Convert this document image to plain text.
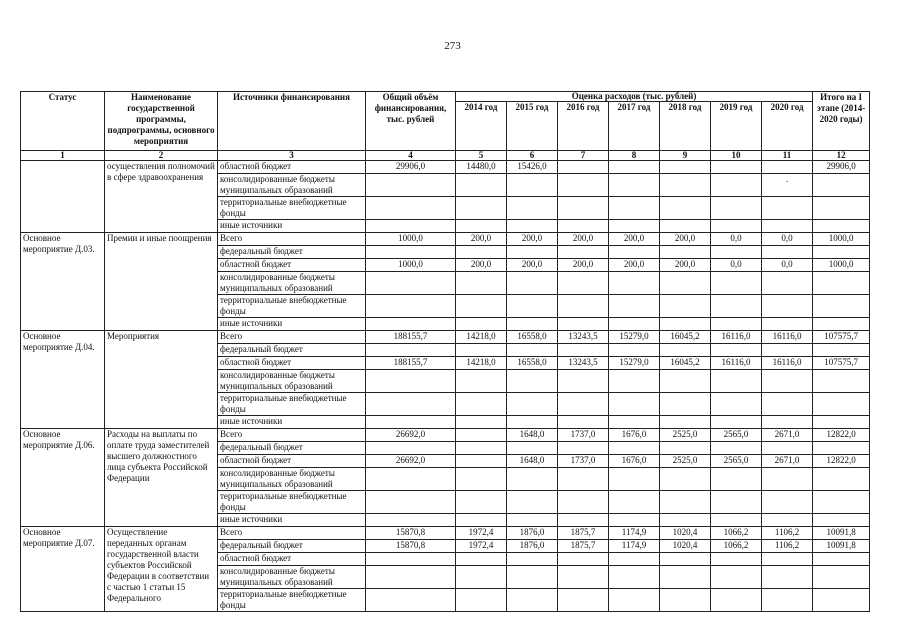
273
Статус	Наименование государственной программы, подпрограммы, основного мероприятия	Источники финансирования	Общий объём финансирования, тыс. рублей	Оценка расходов (тыс. рублей)							Итого на I этапе (2014-2020 годы)
				2014 год	2015 год	2016 год	2017 год	2018 год	2019 год	2020 год	
1	2	3	4	5	6	7	8	9	10	11	12
	осуществления полномочий в сфере здравоохранения	областной бюджет	29906,0	14480,0	15426,0						29906,0
		консолидированные бюджеты муниципальных образований								.	
		территориальные внебюджетные фонды									
		иные источники									
Основное мероприятие Д.03.	Премии и иные поощрения	Всего	1000,0	200,0	200,0	200,0	200,0	200,0	0,0	0,0	1000,0
		федеральный бюджет									
		областной бюджет	1000,0	200,0	200,0	200,0	200,0	200,0	0,0	0,0	1000,0
		консолидированные бюджеты муниципальных образований									
		территориальные внебюджетные фонды									
		иные источники									
Основное мероприятие Д.04.	Мероприятия	Всего	188155,7	14218,0	16558,0	13243,5	15279,0	16045,2	16116,0	16116,0	107575,7
		федеральный бюджет									
		областной бюджет	188155,7	14218,0	16558,0	13243,5	15279,0	16045,2	16116,0	16116,0	107575,7
		консолидированные бюджеты муниципальных образований									
		территориальные внебюджетные фонды									
		иные источники									
Основное мероприятие Д.06.	Расходы на выплаты по оплате труда заместителей высшего должностного лица субъекта Российской Федерации	Всего	26692,0		1648,0	1737,0	1676,0	2525,0	2565,0	2671,0	12822,0
		федеральный бюджет									
		областной бюджет	26692,0		1648,0	1737,0	1676,0	2525,0	2565,0	2671,0	12822,0
		консолидированные бюджеты муниципальных образований									
		территориальные внебюджетные фонды									
		иные источники									
Основное мероприятие Д.07.	Осуществление переданных органам государственной власти субъектов Российской Федерации в соответствии с частью 1 статьи 15 Федерального	Всего	15870,8	1972,4	1876,0	1875,7	1174,9	1020,4	1066,2	1106,2	10091,8
		федеральный бюджет	15870,8	1972,4	1876,0	1875,7	1174,9	1020,4	1066,2	1106,2	10091,8
		областной бюджет									
		консолидированные бюджеты муниципальных образований									
		территориальные внебюджетные фонды									
